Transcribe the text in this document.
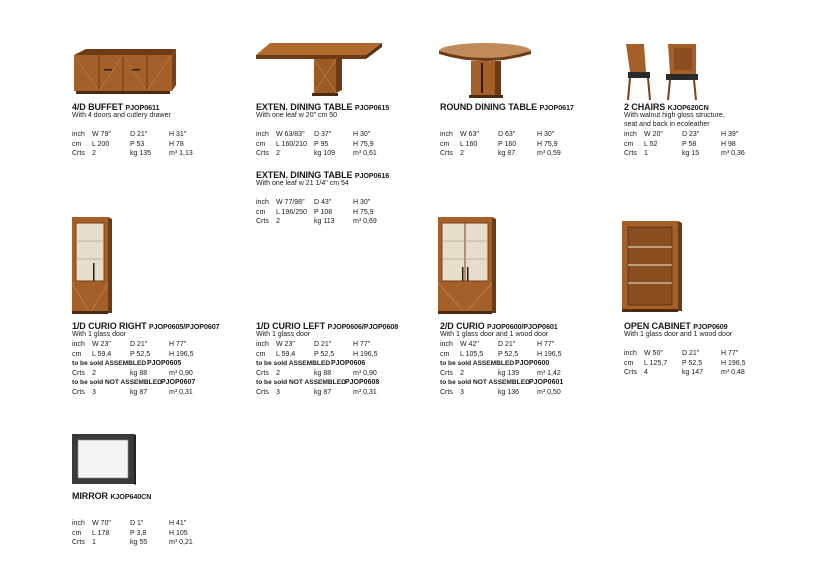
4/D BUFFET PJOP0611
With 4 doors and cutlery drawer
inch W 79"	D 21"	H 31"
cm L 200	P 53	H 78
Crts 2	kg 135	m³ 1,13
EXTEN. DINING TABLE PJOP0615
With one leaf w 20" cm 50
inch W 63/83" D 37"	H 30"
cm L 160/210 P 95	H 75,9
Crts 2	kg 109	m³ 0,61
EXTEN. DINING TABLE PJOP0616
With one leaf w 21 1/4" cm 54
inch W 77/98" D 43"	H 30"
cm L 196/250 P 108	H 75,9
Crts 2	kg 113	m³ 0,69
ROUND DINING TABLE PJOP0617
inch W 63"	D 63"	H 30"
cm L 160	P 160	H 75,9
Crts 2	kg 87	m³ 0,59
2 CHAIRS KJOP620CN
With walnut high gloss structure,
seat and back in ecoleather
inch W 20"	D 23"	H 39"
cm L 52	P 58	H 98
Crts 1	kg 15	m³ 0,36
1/D CURIO RIGHT PJOP0605/PJOP0607
With 1 glass door
inch W 23"	D 21"	H 77"
cm L 59,4	P 52,5	H 196,5
to be sold ASSEMBLED PJOP0605
Crts 2	kg 88	m³ 0,90
to be sold NOT ASSEMBLED PJOP0607
Crts 3	kg 87	m³ 0,31
1/D CURIO LEFT PJOP0606/PJOP0608
With 1 glass door
inch W 23"	D 21"	H 77"
cm L 59,4	P 52,5	H 196,5
to be sold ASSEMBLED PJOP0606
Crts 2	kg 88	m³ 0,90
to be sold NOT ASSEMBLED PJOP0608
Crts 3	kg 87	m³ 0,31
2/D CURIO PJOP0600/PJOP0601
With 1 glass door and 1 wood door
inch W 42"	D 21"	H 77"
cm L 105,5 P 52,5	H 196,5
to be sold ASSEMBLED PJOP0600
Crts 2	kg 139	m³ 1,42
to be sold NOT ASSEMBLED PJOP0601
Crts 3	kg 136	m³ 0,50
OPEN CABINET PJOP0609
With 1 glass door and 1 wood door
inch W 50"	D 21"	H 77"
cm L 125,7 P 52,5	H 196,5
Crts 4	kg 147	m³ 0,48
MIRROR KJOP640CN
inch W 70"	D 1"	H 41"
cm L 178	P 3,8	H 105
Crts 1	kg 55	m³ 0,21
